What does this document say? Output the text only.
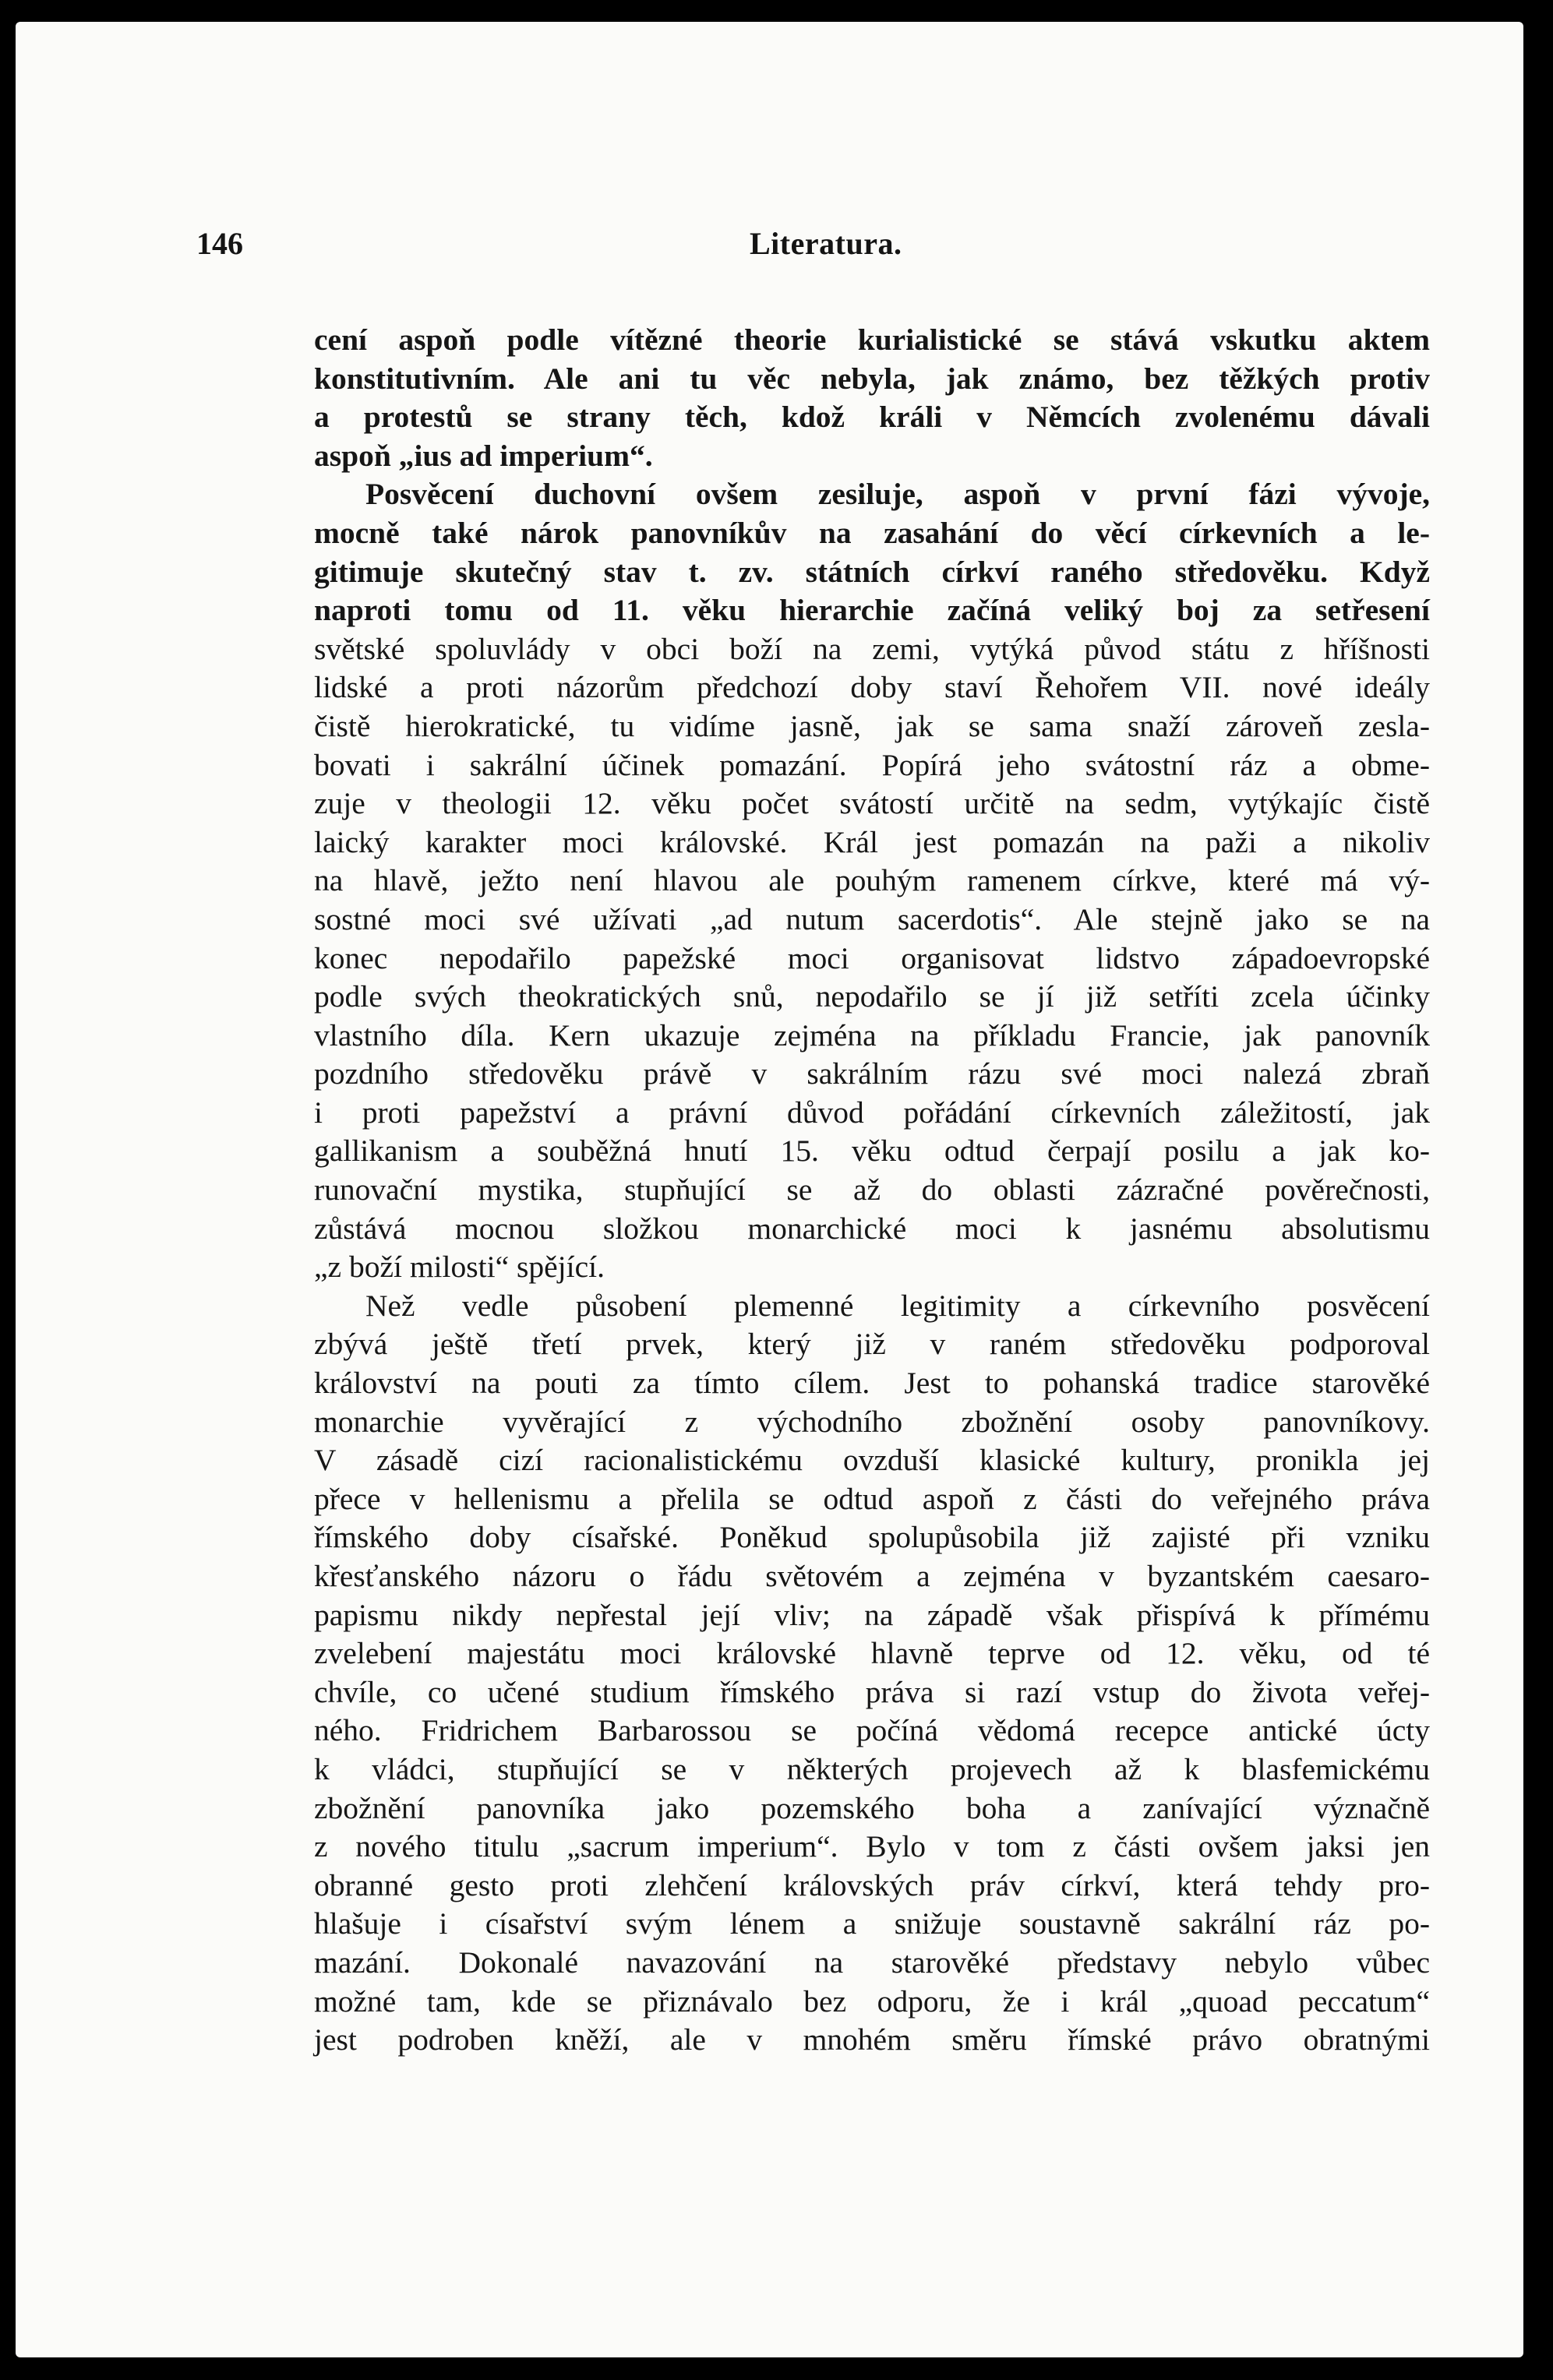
146	Literatura.
cení aspoň podle vítězné theorie kurialistické se stává vskutku aktem
konstitutivním. Ale ani tu věc nebyla, jak známo, bez těžkých protiv
a protestů se strany těch, kdož králi v Němcích zvolenému dávali
aspoň „ius ad imperium“.
Posvěcení duchovní ovšem zesiluje, aspoň v první fázi vývoje,
mocně také nárok panovníkův na zasahání do věcí církevních a le-
gitimuje skutečný stav t. zv. státních církví raného středověku. Když
naproti tomu od 11. věku hierarchie začíná veliký boj za setřesení
světské spoluvlády v obci boží na zemi, vytýká původ státu z hříšnosti
lidské a proti názorům předchozí doby staví Řehořem VII. nové ideály
čistě hierokratické, tu vidíme jasně, jak se sama snaží zároveň zesla-
bovati i sakrální účinek pomazání. Popírá jeho svátostní ráz a obme-
zuje v theologii 12. věku počet svátostí určitě na sedm, vytýkajíc čistě
laický karakter moci královské. Král jest pomazán na paži a nikoliv
na hlavě, ježto není hlavou ale pouhým ramenem církve, které má vý-
sostné moci své užívati „ad nutum sacerdotis“. Ale stejně jako se na
konec nepodařilo papežské moci organisovat lidstvo západoevropské
podle svých theokratických snů, nepodařilo se jí již setříti zcela účinky
vlastního díla. Kern ukazuje zejména na příkladu Francie, jak panovník
pozdního středověku právě v sakrálním rázu své moci nalezá zbraň
i proti papežství a právní důvod pořádání církevních záležitostí, jak
gallikanism a souběžná hnutí 15. věku odtud čerpají posilu a jak ko-
runovační mystika, stupňující se až do oblasti zázračné pověrečnosti,
zůstává mocnou složkou monarchické moci k jasnému absolutismu
„z boží milosti“ spějící.
Než vedle působení plemenné legitimity a církevního posvěcení
zbývá ještě třetí prvek, který již v raném středověku podporoval
království na pouti za tímto cílem. Jest to pohanská tradice starověké
monarchie vyvěrající z východního zbožnění osoby panovníkovy.
V zásadě cizí racionalistickému ovzduší klasické kultury, pronikla jej
přece v hellenismu a přelila se odtud aspoň z části do veřejného práva
římského doby císařské. Poněkud spolupůsobila již zajisté při vzniku
křesťanského názoru o řádu světovém a zejména v byzantském caesaro-
papismu nikdy nepřestal její vliv; na západě však přispívá k přímému
zvelebení majestátu moci královské hlavně teprve od 12. věku, od té
chvíle, co učené studium římského práva si razí vstup do života veřej-
ného. Fridrichem Barbarossou se počíná vědomá recepce antické úcty
k vládci, stupňující se v některých projevech až k blasfemickému
zbožnění panovníka jako pozemského boha a zanívající význačně
z nového titulu „sacrum imperium“. Bylo v tom z části ovšem jaksi jen
obranné gesto proti zlehčení královských práv církví, která tehdy pro-
hlašuje i císařství svým lénem a snižuje soustavně sakrální ráz po-
mazání. Dokonalé navazování na starověké představy nebylo vůbec
možné tam, kde se přiznávalo bez odporu, že i král „quoad peccatum“
jest podroben kněží, ale v mnohém směru římské právo obratnými
